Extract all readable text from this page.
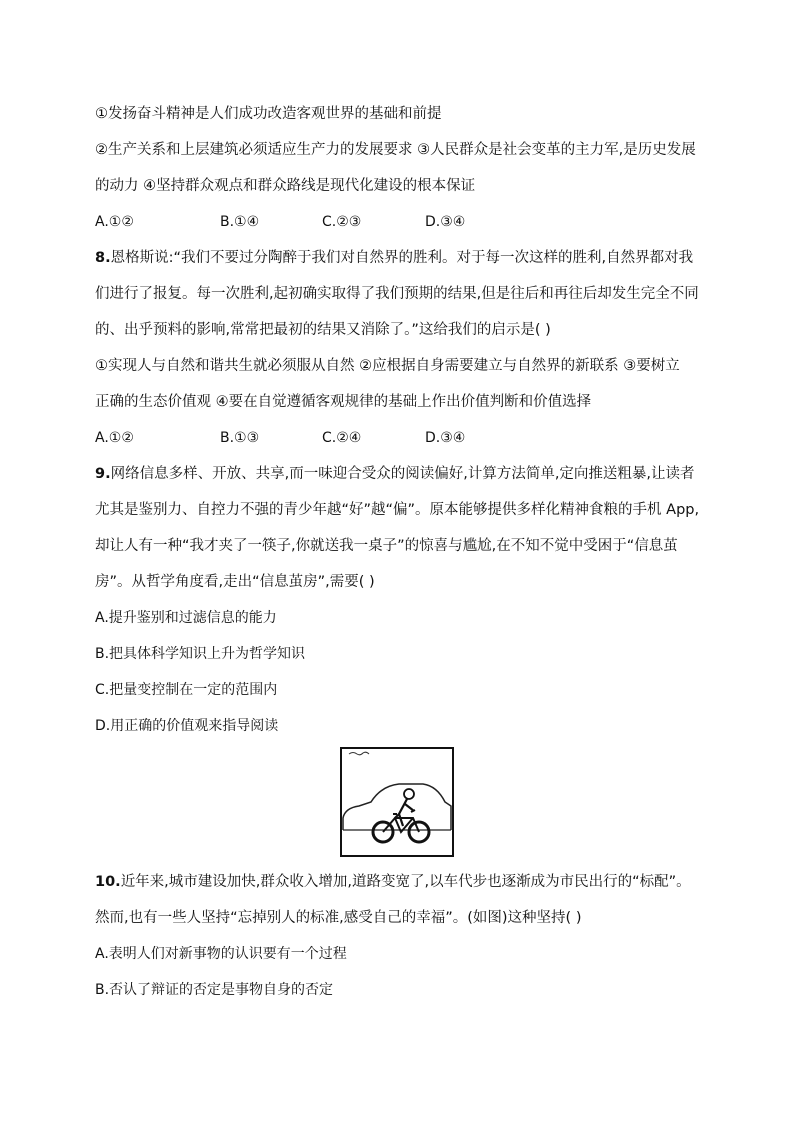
①发扬奋斗精神是人们成功改造客观世界的基础和前提
②生产关系和上层建筑必须适应生产力的发展要求 ③人民群众是社会变革的主力军,是历史发展
的动力 ④坚持群众观点和群众路线是现代化建设的根本保证
A.①②	B.①④	C.②③	D.③④
8.恩格斯说:“我们不要过分陶醉于我们对自然界的胜利。对于每一次这样的胜利,自然界都对我
们进行了报复。每一次胜利,起初确实取得了我们预期的结果,但是往后和再往后却发生完全不同
的、出乎预料的影响,常常把最初的结果又消除了。”这给我们的启示是( )
①实现人与自然和谐共生就必须服从自然 ②应根据自身需要建立与自然界的新联系 ③要树立
正确的生态价值观 ④要在自觉遵循客观规律的基础上作出价值判断和价值选择
A.①②	B.①③	C.②④	D.③④
9.网络信息多样、开放、共享,而一味迎合受众的阅读偏好,计算方法简单,定向推送粗暴,让读者
尤其是鉴别力、自控力不强的青少年越“好”越“偏”。原本能够提供多样化精神食粮的手机 App,
却让人有一种“我才夹了一筷子,你就送我一桌子”的惊喜与尴尬,在不知不觉中受困于“信息茧
房”。从哲学角度看,走出“信息茧房”,需要( )
A.提升鉴别和过滤信息的能力
B.把具体科学知识上升为哲学知识
C.把量变控制在一定的范围内
D.用正确的价值观来指导阅读
10.近年来,城市建设加快,群众收入增加,道路变宽了,以车代步也逐渐成为市民出行的“标配”。
然而,也有一些人坚持“忘掉别人的标准,感受自己的幸福”。(如图)这种坚持( )
A.表明人们对新事物的认识要有一个过程
B.否认了辩证的否定是事物自身的否定
